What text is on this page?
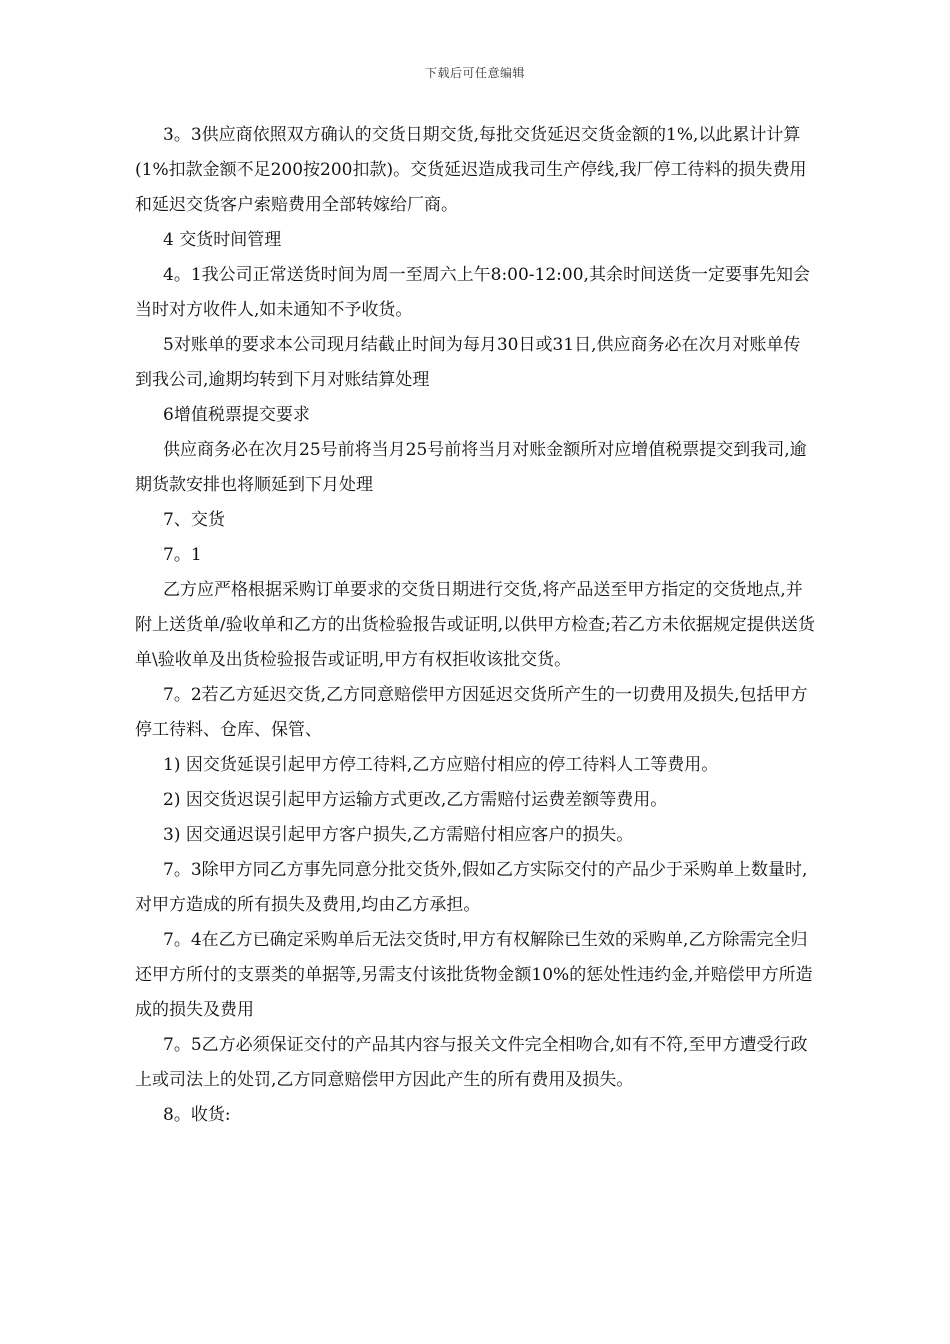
下载后可任意编辑

3。3供应商依照双方确认的交货日期交货,每批交货延迟交货金额的1%,以此累计计算(1%扣款金额不足200按200扣款)。交货延迟造成我司生产停线,我厂停工待料的损失费用和延迟交货客户索赔费用全部转嫁给厂商。

4 交货时间管理

4。1我公司正常送货时间为周一至周六上午8:00-12:00,其余时间送货一定要事先知会当时对方收件人,如未通知不予收货。

5对账单的要求本公司现月结截止时间为每月30日或31日,供应商务必在次月对账单传到我公司,逾期均转到下月对账结算处理

6增值税票提交要求

供应商务必在次月25号前将当月25号前将当月对账金额所对应增值税票提交到我司,逾期货款安排也将顺延到下月处理

7、交货

7。1

乙方应严格根据采购订单要求的交货日期进行交货,将产品送至甲方指定的交货地点,并附上送货单/验收单和乙方的出货检验报告或证明,以供甲方检查;若乙方未依据规定提供送货单\验收单及出货检验报告或证明,甲方有权拒收该批交货。

7。2若乙方延迟交货,乙方同意赔偿甲方因延迟交货所产生的一切费用及损失,包括甲方停工待料、仓库、保管、

1) 因交货延误引起甲方停工待料,乙方应赔付相应的停工待料人工等费用。

2) 因交货迟误引起甲方运输方式更改,乙方需赔付运费差额等费用。

3) 因交通迟误引起甲方客户损失,乙方需赔付相应客户的损失。

7。3除甲方同乙方事先同意分批交货外,假如乙方实际交付的产品少于采购单上数量时,对甲方造成的所有损失及费用,均由乙方承担。

7。4在乙方已确定采购单后无法交货时,甲方有权解除已生效的采购单,乙方除需完全归还甲方所付的支票类的单据等,另需支付该批货物金额10%的惩处性违约金,并赔偿甲方所造成的损失及费用

7。5乙方必须保证交付的产品其内容与报关文件完全相吻合,如有不符,至甲方遭受行政上或司法上的处罚,乙方同意赔偿甲方因此产生的所有费用及损失。

8。收货:
